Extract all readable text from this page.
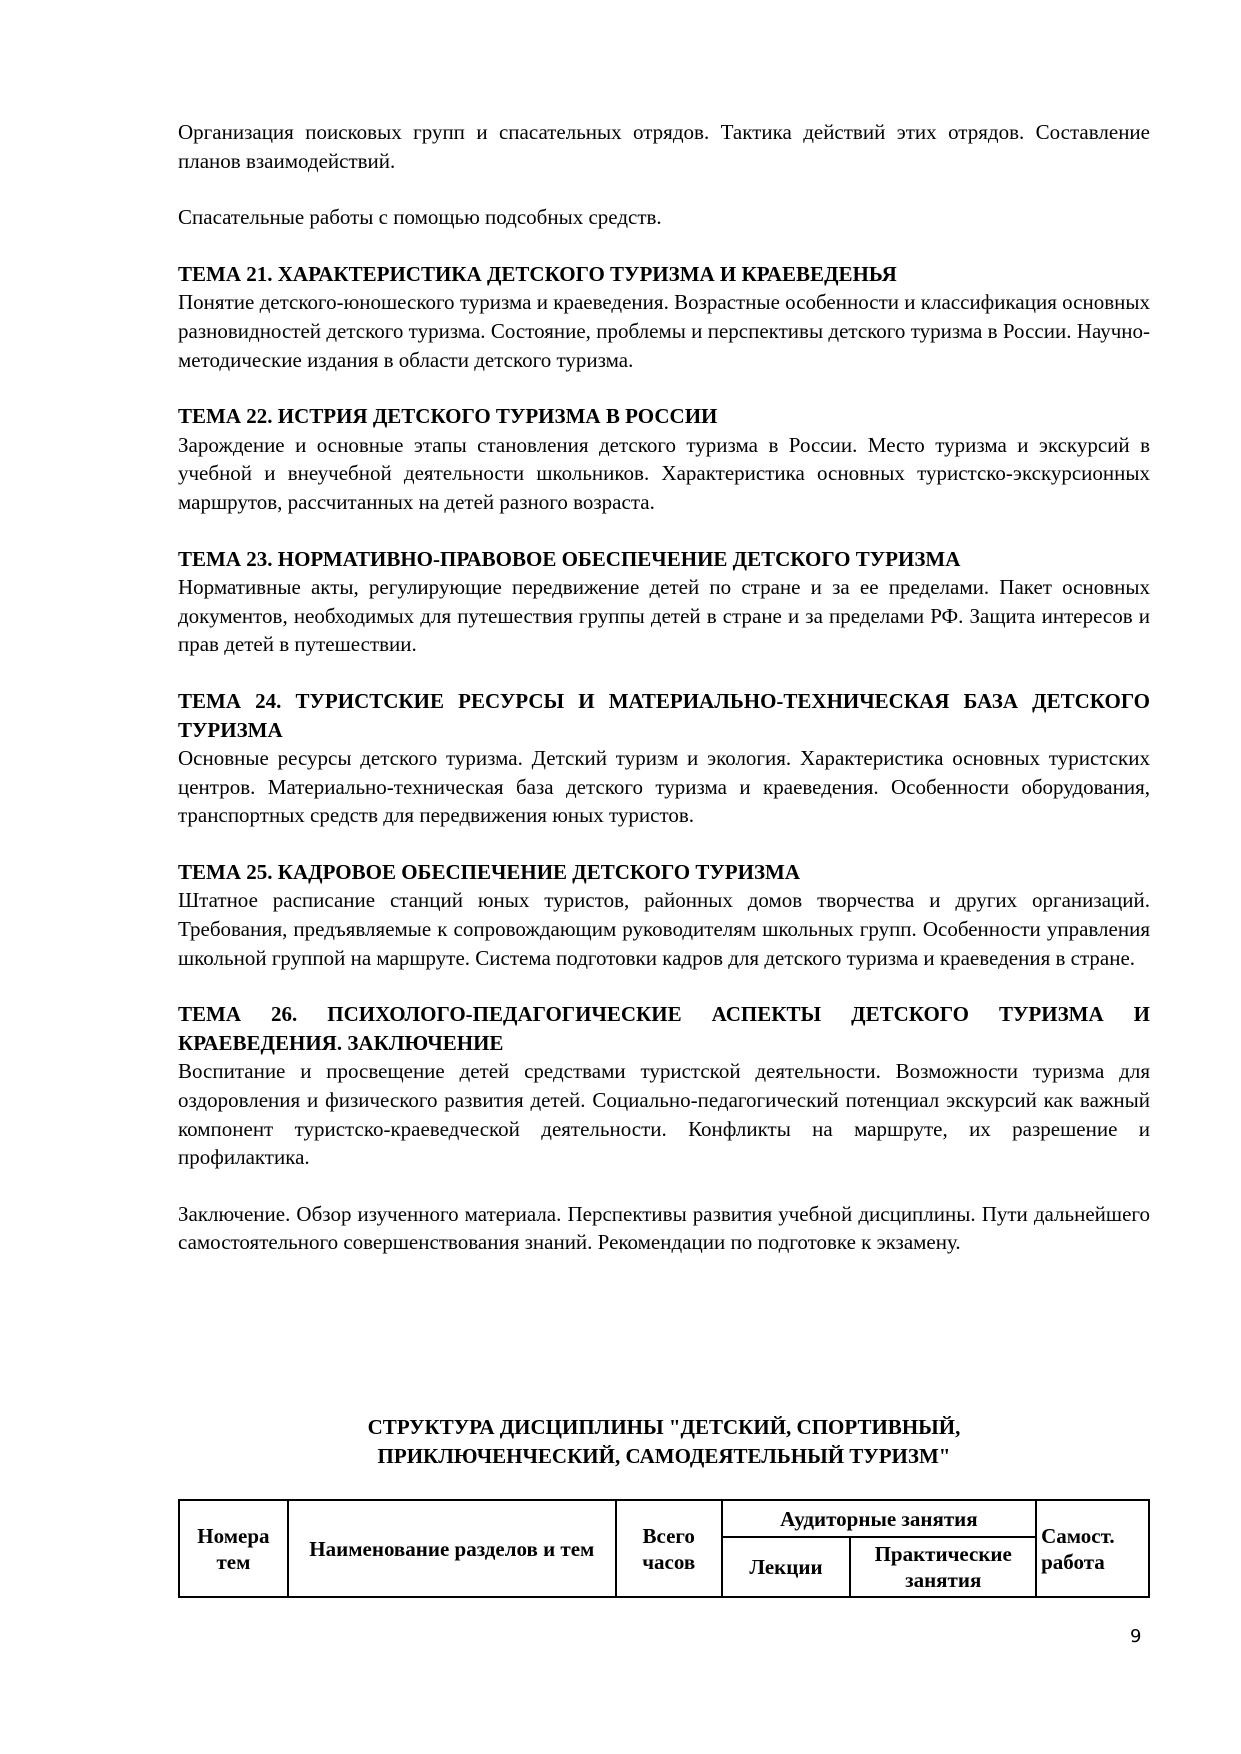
Организация поисковых групп и спасательных отрядов. Тактика действий этих отрядов. Составление планов взаимодействий.

Спасательные работы с помощью подсобных средств.

ТЕМА 21. ХАРАКТЕРИСТИКА ДЕТСКОГО ТУРИЗМА И КРАЕВЕДЕНЬЯ

Понятие детского-юношеского туризма и краеведения. Возрастные особенности и классификация основных разновидностей детского туризма. Состояние, проблемы и перспективы детского туризма в России. Научно-методические издания в области детского туризма.

ТЕМА 22. ИСТРИЯ ДЕТСКОГО ТУРИЗМА В РОССИИ

Зарождение и основные этапы становления детского туризма в России. Место туризма и экскурсий в учебной и внеучебной деятельности школьников. Характеристика основных туристско-экскурсионных маршрутов, рассчитанных на детей разного возраста.

ТЕМА 23. НОРМАТИВНО-ПРАВОВОЕ ОБЕСПЕЧЕНИЕ ДЕТСКОГО ТУРИЗМА

Нормативные акты, регулирующие передвижение детей по стране и за ее пределами. Пакет основных документов, необходимых для путешествия группы детей в стране и за пределами РФ. Защита интересов и прав детей в путешествии.

ТЕМА 24. ТУРИСТСКИЕ РЕСУРСЫ И МАТЕРИАЛЬНО-ТЕХНИЧЕСКАЯ БАЗА ДЕТСКОГО ТУРИЗМА

Основные ресурсы детского туризма. Детский туризм и экология. Характеристика основных туристских центров. Материально-техническая база детского туризма и краеведения. Особенности оборудования, транспортных средств для передвижения юных туристов.

ТЕМА 25. КАДРОВОЕ ОБЕСПЕЧЕНИЕ ДЕТСКОГО ТУРИЗМА

Штатное расписание станций юных туристов, районных домов творчества и других организаций. Требования, предъявляемые к сопровождающим руководителям школьных групп. Особенности управления школьной группой на маршруте. Система подготовки кадров для детского туризма и краеведения в стране.

ТЕМА 26. ПСИХОЛОГО-ПЕДАГОГИЧЕСКИЕ АСПЕКТЫ ДЕТСКОГО ТУРИЗМА И КРАЕВЕДЕНИЯ. ЗАКЛЮЧЕНИЕ

Воспитание и просвещение детей средствами туристской деятельности. Возможности туризма для оздоровления и физического развития детей. Социально-педагогический потенциал экскурсий как важный компонент туристско-краеведческой деятельности. Конфликты на маршруте, их разрешение и профилактика.

Заключение. Обзор изученного материала. Перспективы развития учебной дисциплины. Пути дальнейшего самостоятельного совершенствования знаний. Рекомендации по подготовке к экзамену.

СТРУКТУРА ДИСЦИПЛИНЫ "ДЕТСКИЙ, СПОРТИВНЫЙ,
ПРИКЛЮЧЕНЧЕСКИЙ, САМОДЕЯТЕЛЬНЫЙ ТУРИЗМ"
Номера тем	Наименование разделов и тем	Всего часов	Аудиторные занятия		Самост. работа
			Лекции	Практические занятия	
9
